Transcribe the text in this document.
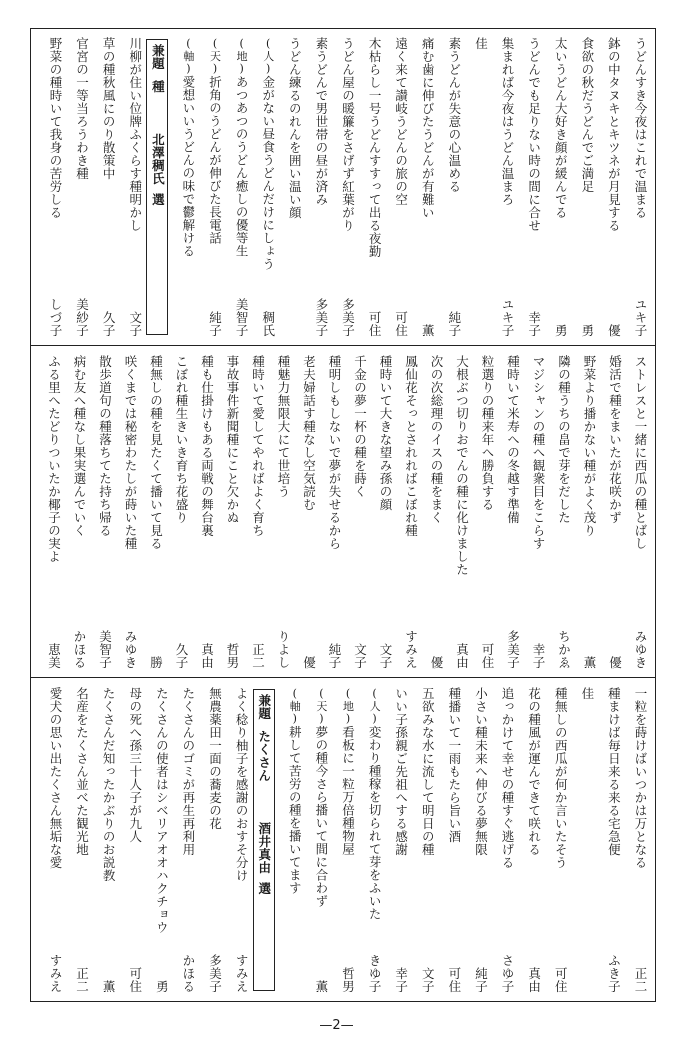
うどんすき今夜はこれで温まる
ユキ子
鉢の中タヌキとキツネが月見する
優
食欲の秋だうどんでご満足
勇
太いうどん大好き顔が緩んでる
勇
うどんでも足りない時の間に合せ
幸子
集まれば今夜はうどん温まろ
ユキ子
佳
素うどんが失意の心温める
純子
痛む歯に伸びたうどんが有難い
薫
遠く来て讃岐うどんの旅の空
可住
木枯らし一号うどんすすって出る夜勤
可住
うどん屋の暖簾をさげず紅葉がり
多美子
素うどんで男世帯の昼が済み
多美子
うどん練るのれんを囲い温い顔
(人)金がない昼食うどんだけにしょう
稠氏
(地)あつあつのうどん癒しの優等生
美智子
(天)折角のうどんが伸びた長電話
純子
(軸)愛想いいうどんの味で鬱解ける
兼題種北澤稠氏選
川柳が住い位牌ふくらす種明かし
文子
草の種秋風にのり散策中
久子
官宮の一等当ろうわき種
美紗子
野菜の種時いて我身の苦労しる
しづ子
ストレスと一緒に西瓜の種とばし
みゆき
婚活で種をまいたが花咲かず
優
野菜より播かない種がよく茂り
薫
隣の種うちの畠で芽をだした
ちかゑ
マジシャンの種へ観衆目をこらす
幸子
種時いて米寿への冬越す準備
多美子
粒選りの種来年へ勝負する
可住
大根ぶつ切りおでんの種に化けました
真由
次の次総理のイスの種をまく
優
鳳仙花そっとされればこぼれ種
すみえ
種時いて大きな望み孫の顔
文子
千金の夢一杯の種を蒔く
文子
種明しもしないで夢が失せるから
純子
老夫婦話す種なし空気読む
優
種魅力無限大にて世培う
りよし
種時いて愛してやればよく育ち
正二
事故事件新聞種にこと欠かぬ
哲男
種も仕掛けもある両戦の舞台裏
真由
こぼれ種生きいき育ち花盛り
久子
種無しの種を見たくて播いて見る
勝
咲くまでは秘密わたしが蒔いた種
みゆき
散歩道句の種落ちてた持ち帰る
美智子
病む友へ種なし果実選んでいく
かほる
ふる里へたどりついたか椰子の実よ
恵美
一粒を蒔けばいつかは万となる
正二
種まけば毎日来る来る宅急便
ふき子
佳
種無しの西瓜が何か言いたそう
可住
花の種風が運んできて咲れる
真由
追っかけて幸せの種すぐ逃げる
さゆ子
小さい種未来へ伸びる夢無限
純子
種播いて一雨もたら旨い酒
可住
五欲みな水に流して明日の種
文子
いい子孫親ご先祖へする感謝
幸子
(人)変わり種稼を切られて芽をふいた
きゆ子
(地)看板に一粒万倍種物屋
哲男
(天)夢の種今さら播いて間に合わず
薫
(軸)耕して苦労の種を播いてます
兼題たくさん酒井真由選
よく稔り柚子を感謝のおすそ分け
すみえ
無農薬田一面の蕎麦の花
多美子
たくさんのゴミが再生再利用
かほる
たくさんの使者はシベリアオオハクチョウ
勇
母の死へ孫三十人子が九人
可住
たくさんだ知ったかぶりのお説教
薫
名産をたくさん並べた観光地
正二
愛犬の思い出たくさん無垢な愛
すみえ
—2—
